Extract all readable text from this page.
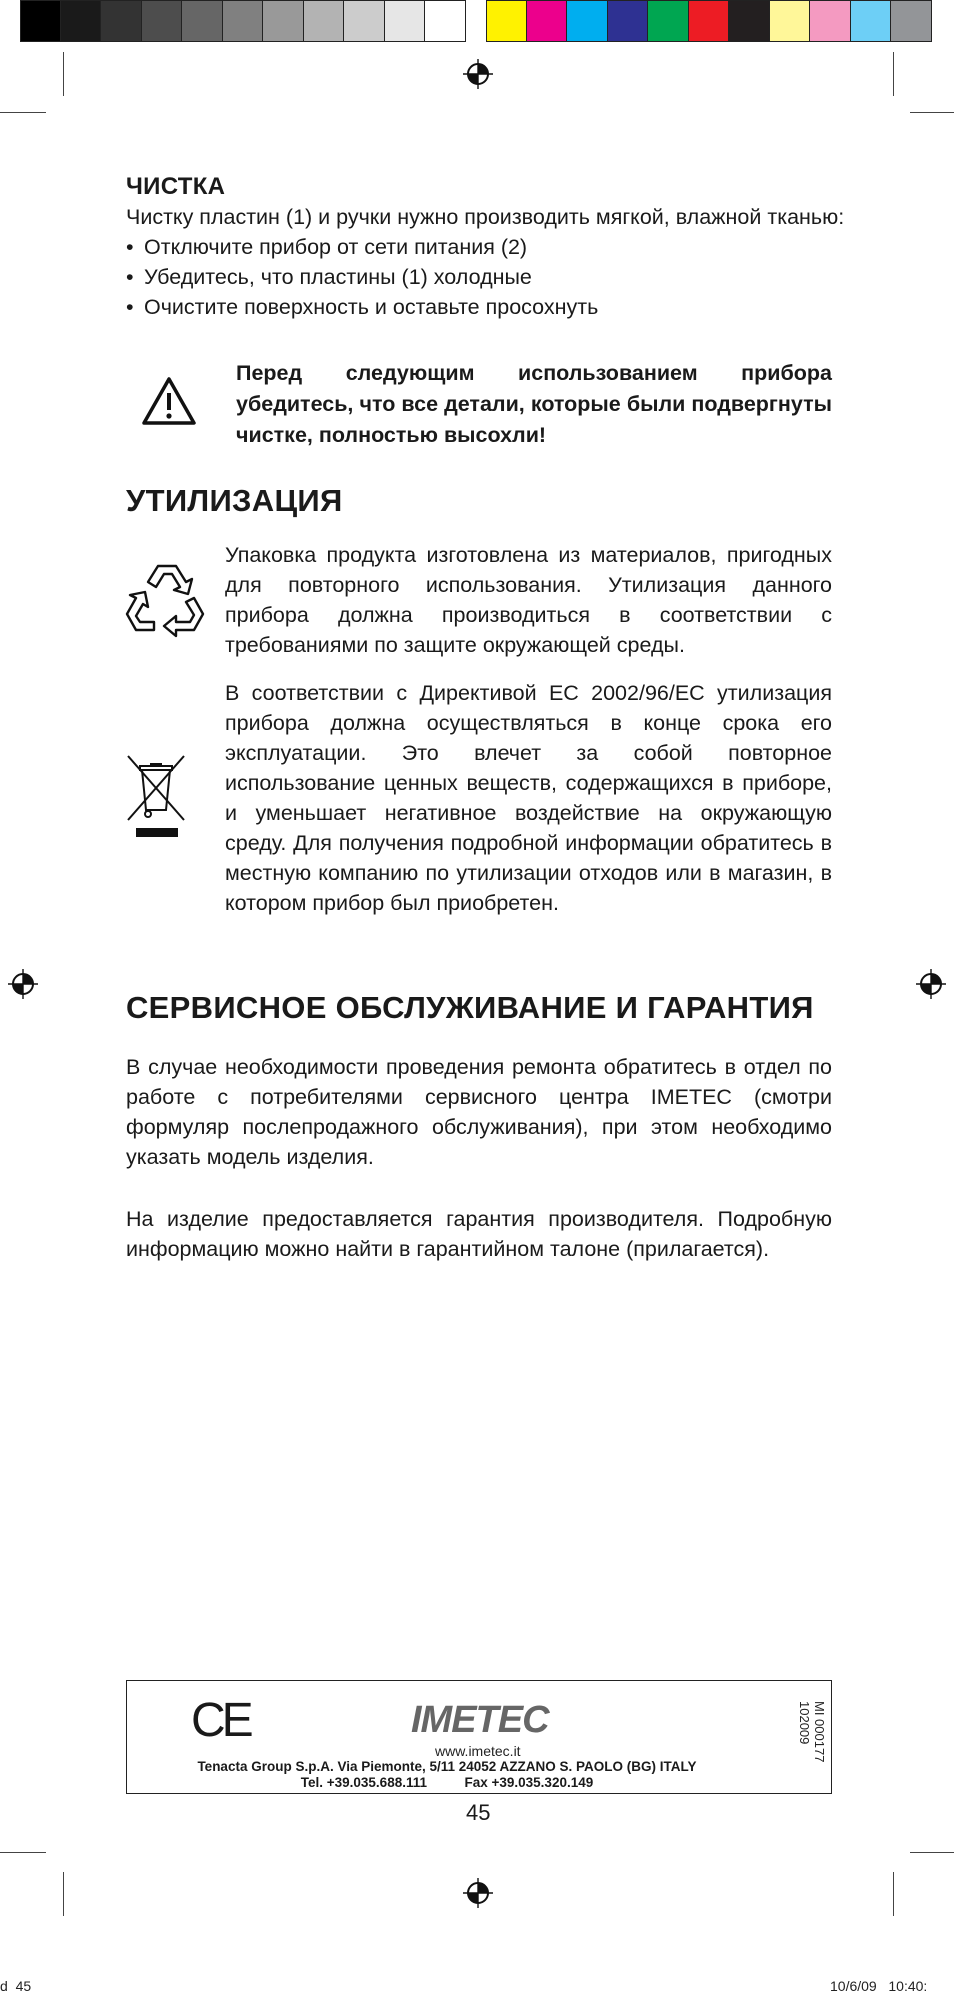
ЧИСТКА
Чистку пластин (1) и ручки нужно производить мягкой, влажной тканью:
• Отключите прибор от сети питания (2)
• Убедитесь, что пластины (1) холодные
• Очистите поверхность и оставьте просохнуть
Перед следующим использованием прибора убедитесь, что все детали, которые были подвергнуты чистке, полностью высохли!
УТИЛИЗАЦИЯ
Упаковка продукта изготовлена из материалов, пригодных для повторного использования. Утилизация данного прибора должна производиться в соответствии с требованиями по защите окружающей среды.
В соответствии с Директивой ЕС 2002/96/ЕС утилизация прибора должна осуществляться в конце срока его эксплуатации. Это влечет за собой повторное использование ценных веществ, содержащихся в приборе, и уменьшает негативное воздействие на окружающую среду. Для получения подробной информации обратитесь в местную компанию по утилизации отходов или в магазин, в котором прибор был приобретен.
СЕРВИСНОЕ ОБСЛУЖИВАНИЕ И ГАРАНТИЯ
В случае необходимости проведения ремонта обратитесь в отдел по работе с потребителями сервисного центра IMETEC (смотри формуляр послепродажного обслуживания), при этом необходимо указать модель изделия.
На изделие предоставляется гарантия производителя. Подробную информацию можно найти в гарантийном талоне (прилагается).
CE	IMETEC
www.imetec.it
Tenacta Group S.p.A. Via Piemonte, 5/11 24052 AZZANO S. PAOLO (BG) ITALY
Tel. +39.035.688.111          Fax +39.035.320.149
MI 000177
102009
45
d  45	10/6/09   10:40:
